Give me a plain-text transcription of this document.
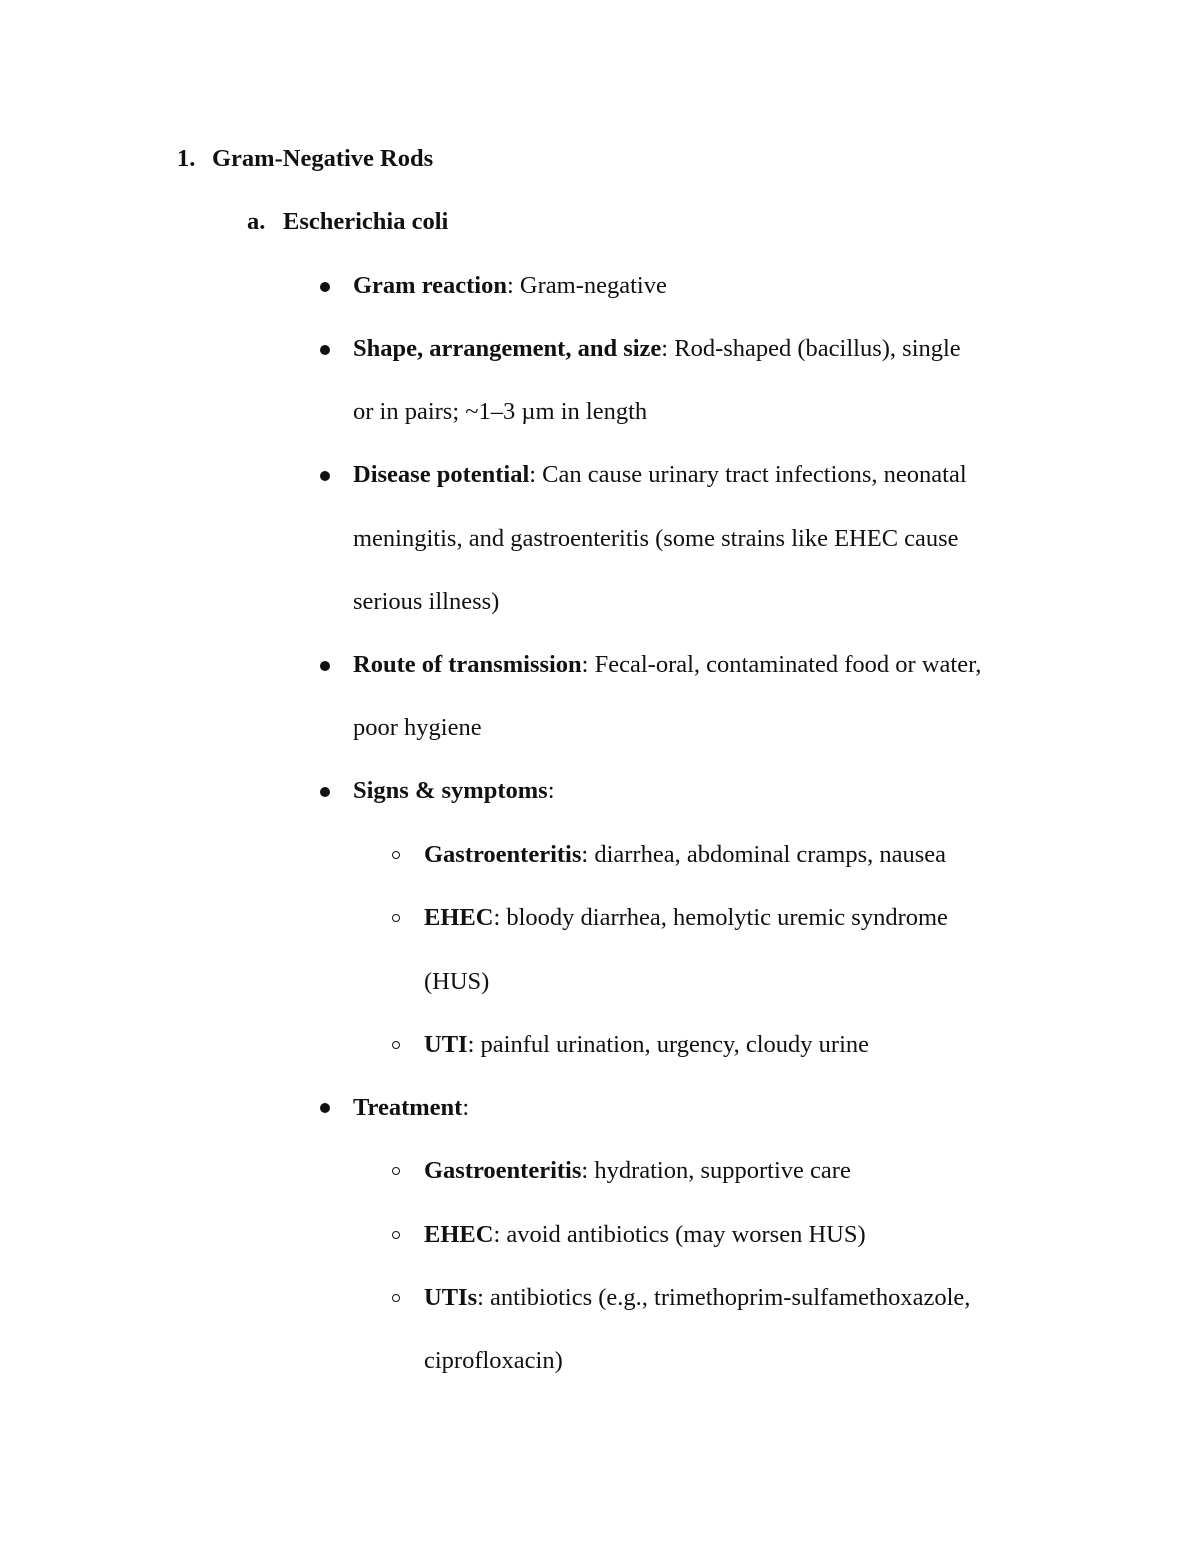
1. Gram-Negative Rods
a. Escherichia coli
Gram reaction: Gram-negative
Shape, arrangement, and size: Rod-shaped (bacillus), single
or in pairs; ~1–3 µm in length
Disease potential: Can cause urinary tract infections, neonatal
meningitis, and gastroenteritis (some strains like EHEC cause
serious illness)
Route of transmission: Fecal-oral, contaminated food or water,
poor hygiene
Signs & symptoms:
Gastroenteritis: diarrhea, abdominal cramps, nausea
EHEC: bloody diarrhea, hemolytic uremic syndrome
(HUS)
UTI: painful urination, urgency, cloudy urine
Treatment:
Gastroenteritis: hydration, supportive care
EHEC: avoid antibiotics (may worsen HUS)
UTIs: antibiotics (e.g., trimethoprim-sulfamethoxazole,
ciprofloxacin)
